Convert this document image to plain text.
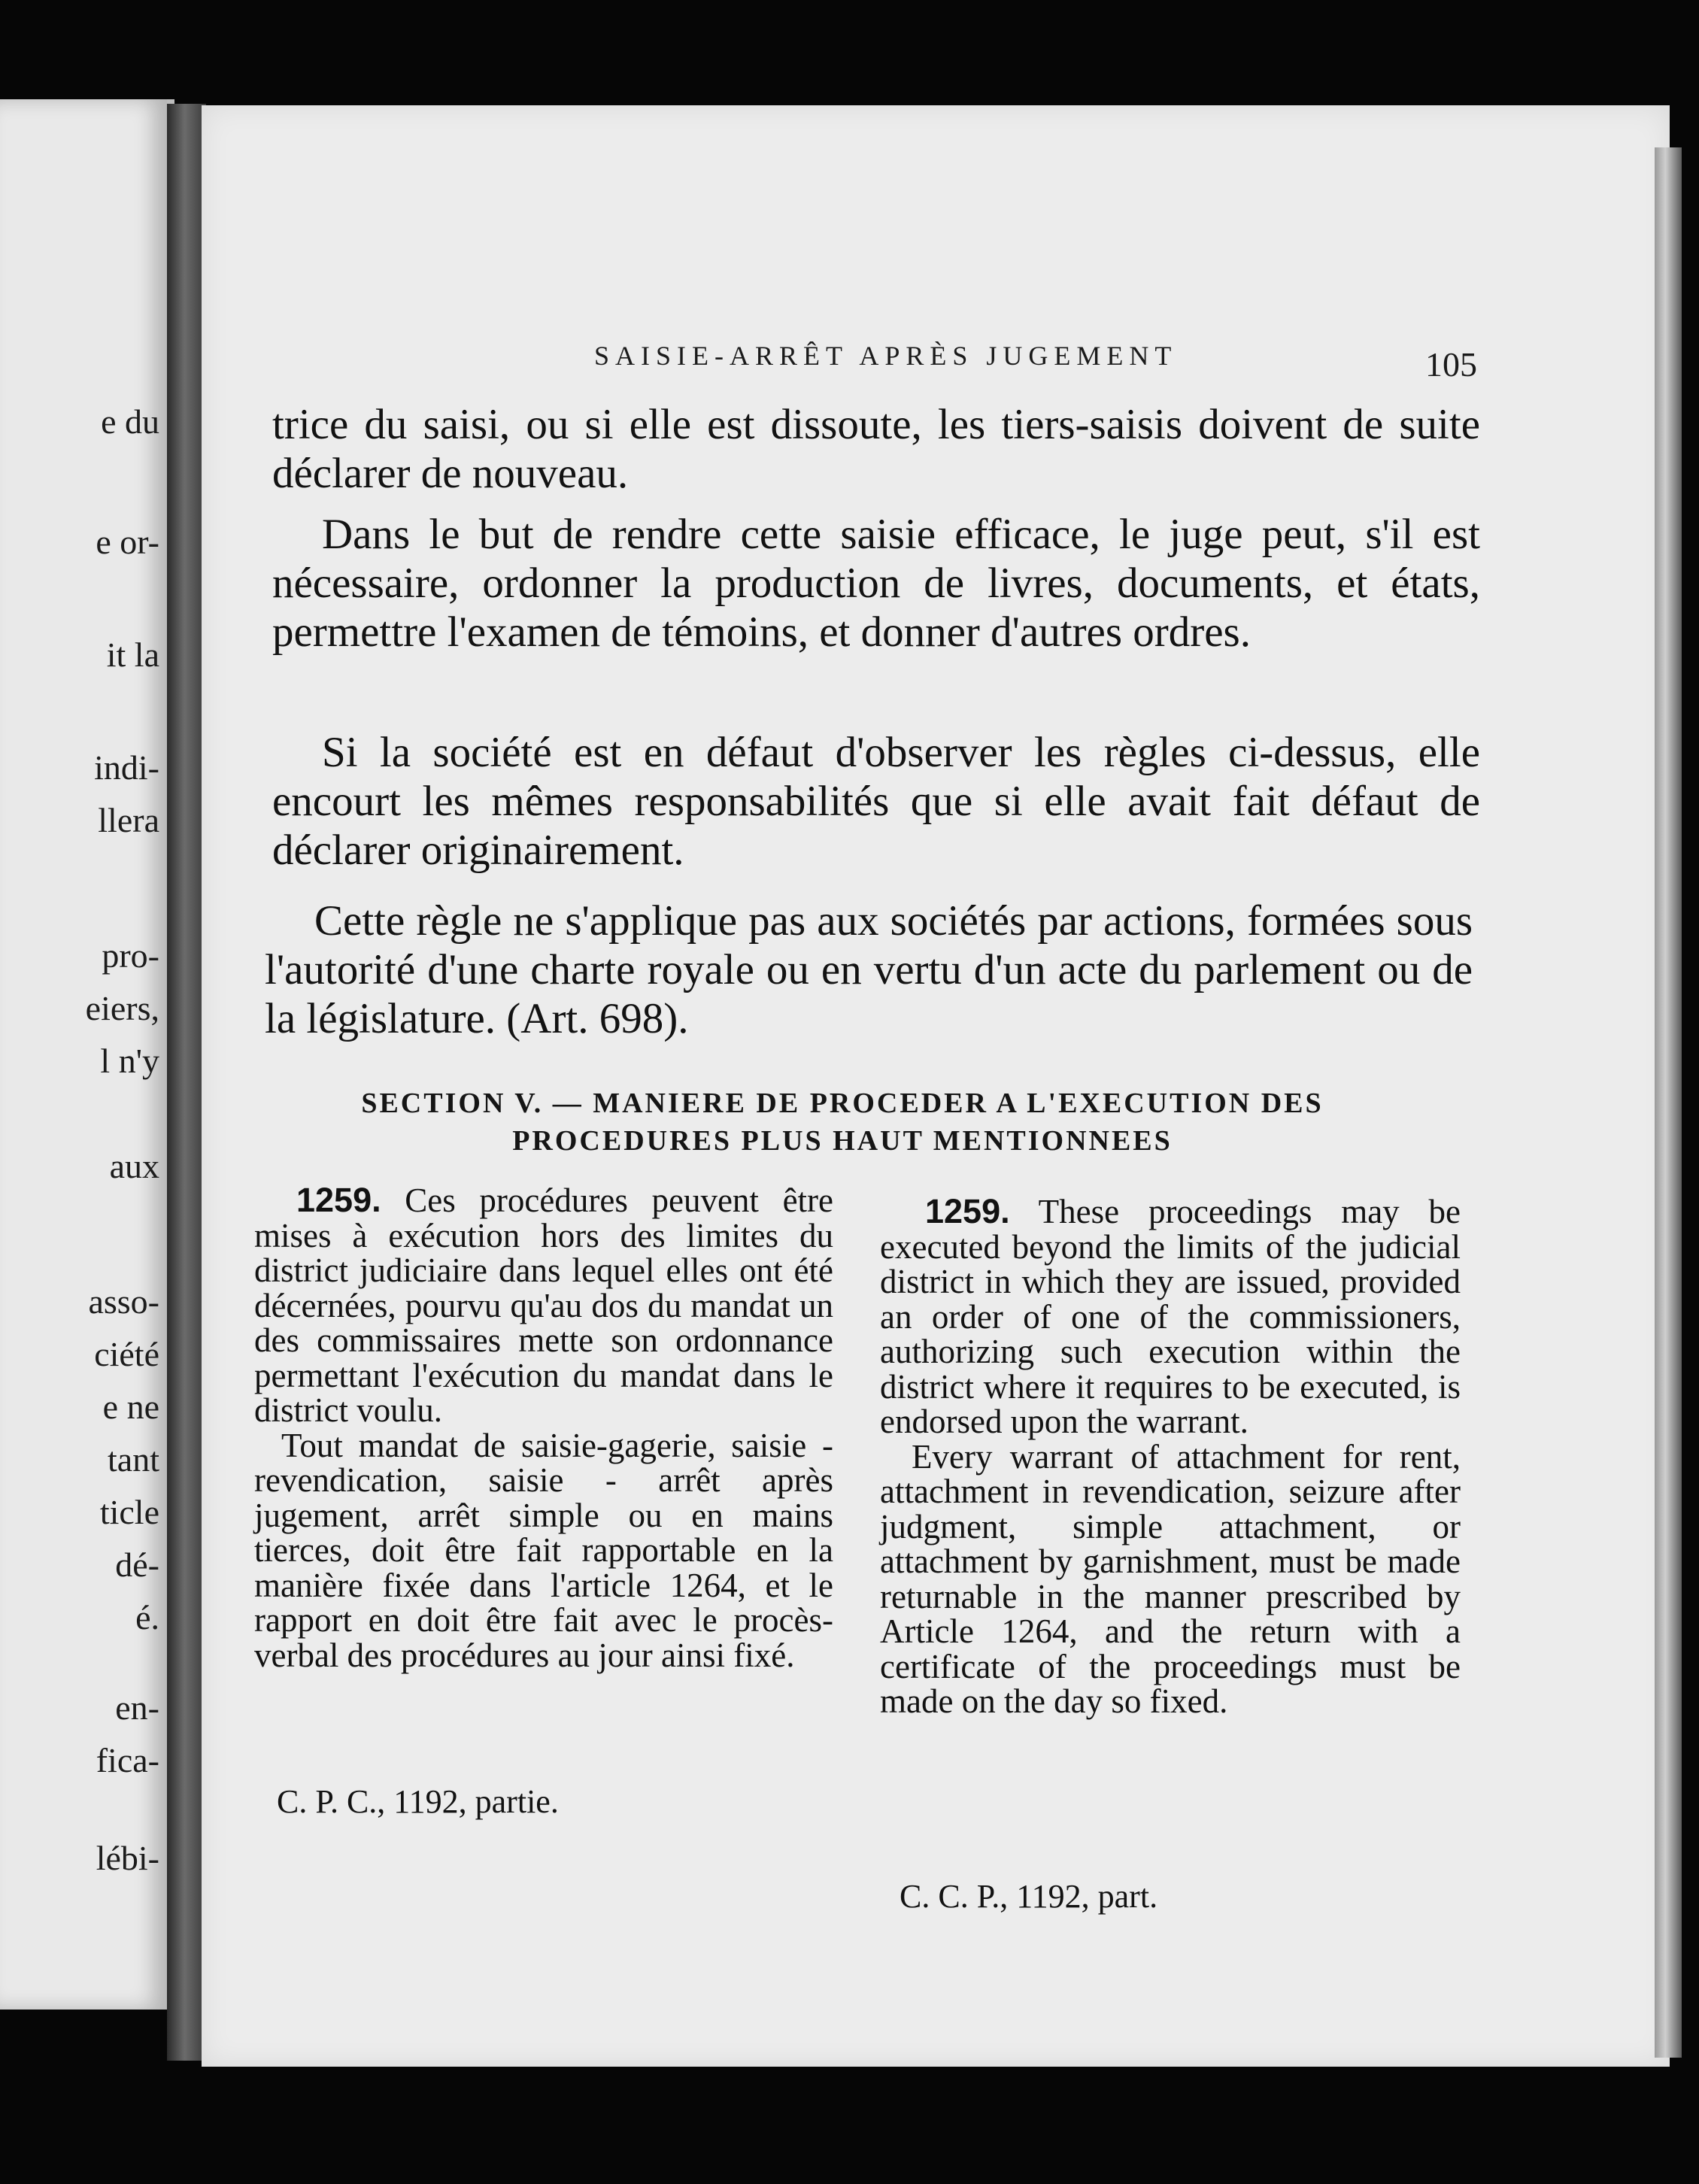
e du
e or-
it la
indi-
llera
pro-
eiers,
l n'y
aux
asso-
ciété
e ne
tant
ticle
dé-
é.
en-
fica-
lébi-
SAISIE-ARRÊT APRÈS JUGEMENT	105

trice du saisi, ou si elle est dissoute, les tiers-saisis doivent de suite déclarer de nouveau.

Dans le but de rendre cette saisie efficace, le juge peut, s'il est nécessaire, ordonner la production de livres, documents, et états, permettre l'examen de témoins, et donner d'autres ordres.

Si la société est en défaut d'observer les règles ci-dessus, elle encourt les mêmes responsabilités que si elle avait fait défaut de déclarer originairement.

Cette règle ne s'applique pas aux sociétés par actions, formées sous l'autorité d'une charte royale ou en vertu d'un acte du parlement ou de la législature. (Art. 698).

SECTION V. — MANIERE DE PROCEDER A L'EXECUTION DES
PROCEDURES PLUS HAUT MENTIONNEES

1259. Ces procédures peuvent être mises à exécution hors des limites du district judiciaire dans lequel elles ont été décernées, pourvu qu'au dos du mandat un des commissaires mette son ordonnance permettant l'exécution du mandat dans le district voulu.

Tout mandat de saisie-gagerie, saisie - revendication, saisie - arrêt après jugement, arrêt simple ou en mains tierces, doit être fait rapportable en la manière fixée dans l'article 1264, et le rapport en doit être fait avec le procès-verbal des procédures au jour ainsi fixé.

C. P. C., 1192, partie.

1259. These proceedings may be executed beyond the limits of the judicial district in which they are issued, provided an order of one of the commissioners, authorizing such execution within the district where it requires to be executed, is endorsed upon the warrant.

Every warrant of attachment for rent, attachment in revendication, seizure after judgment, simple attachment, or attachment by garnishment, must be made returnable in the manner prescribed by Article 1264, and the return with a certificate of the proceedings must be made on the day so fixed.

C. C. P., 1192, part.
